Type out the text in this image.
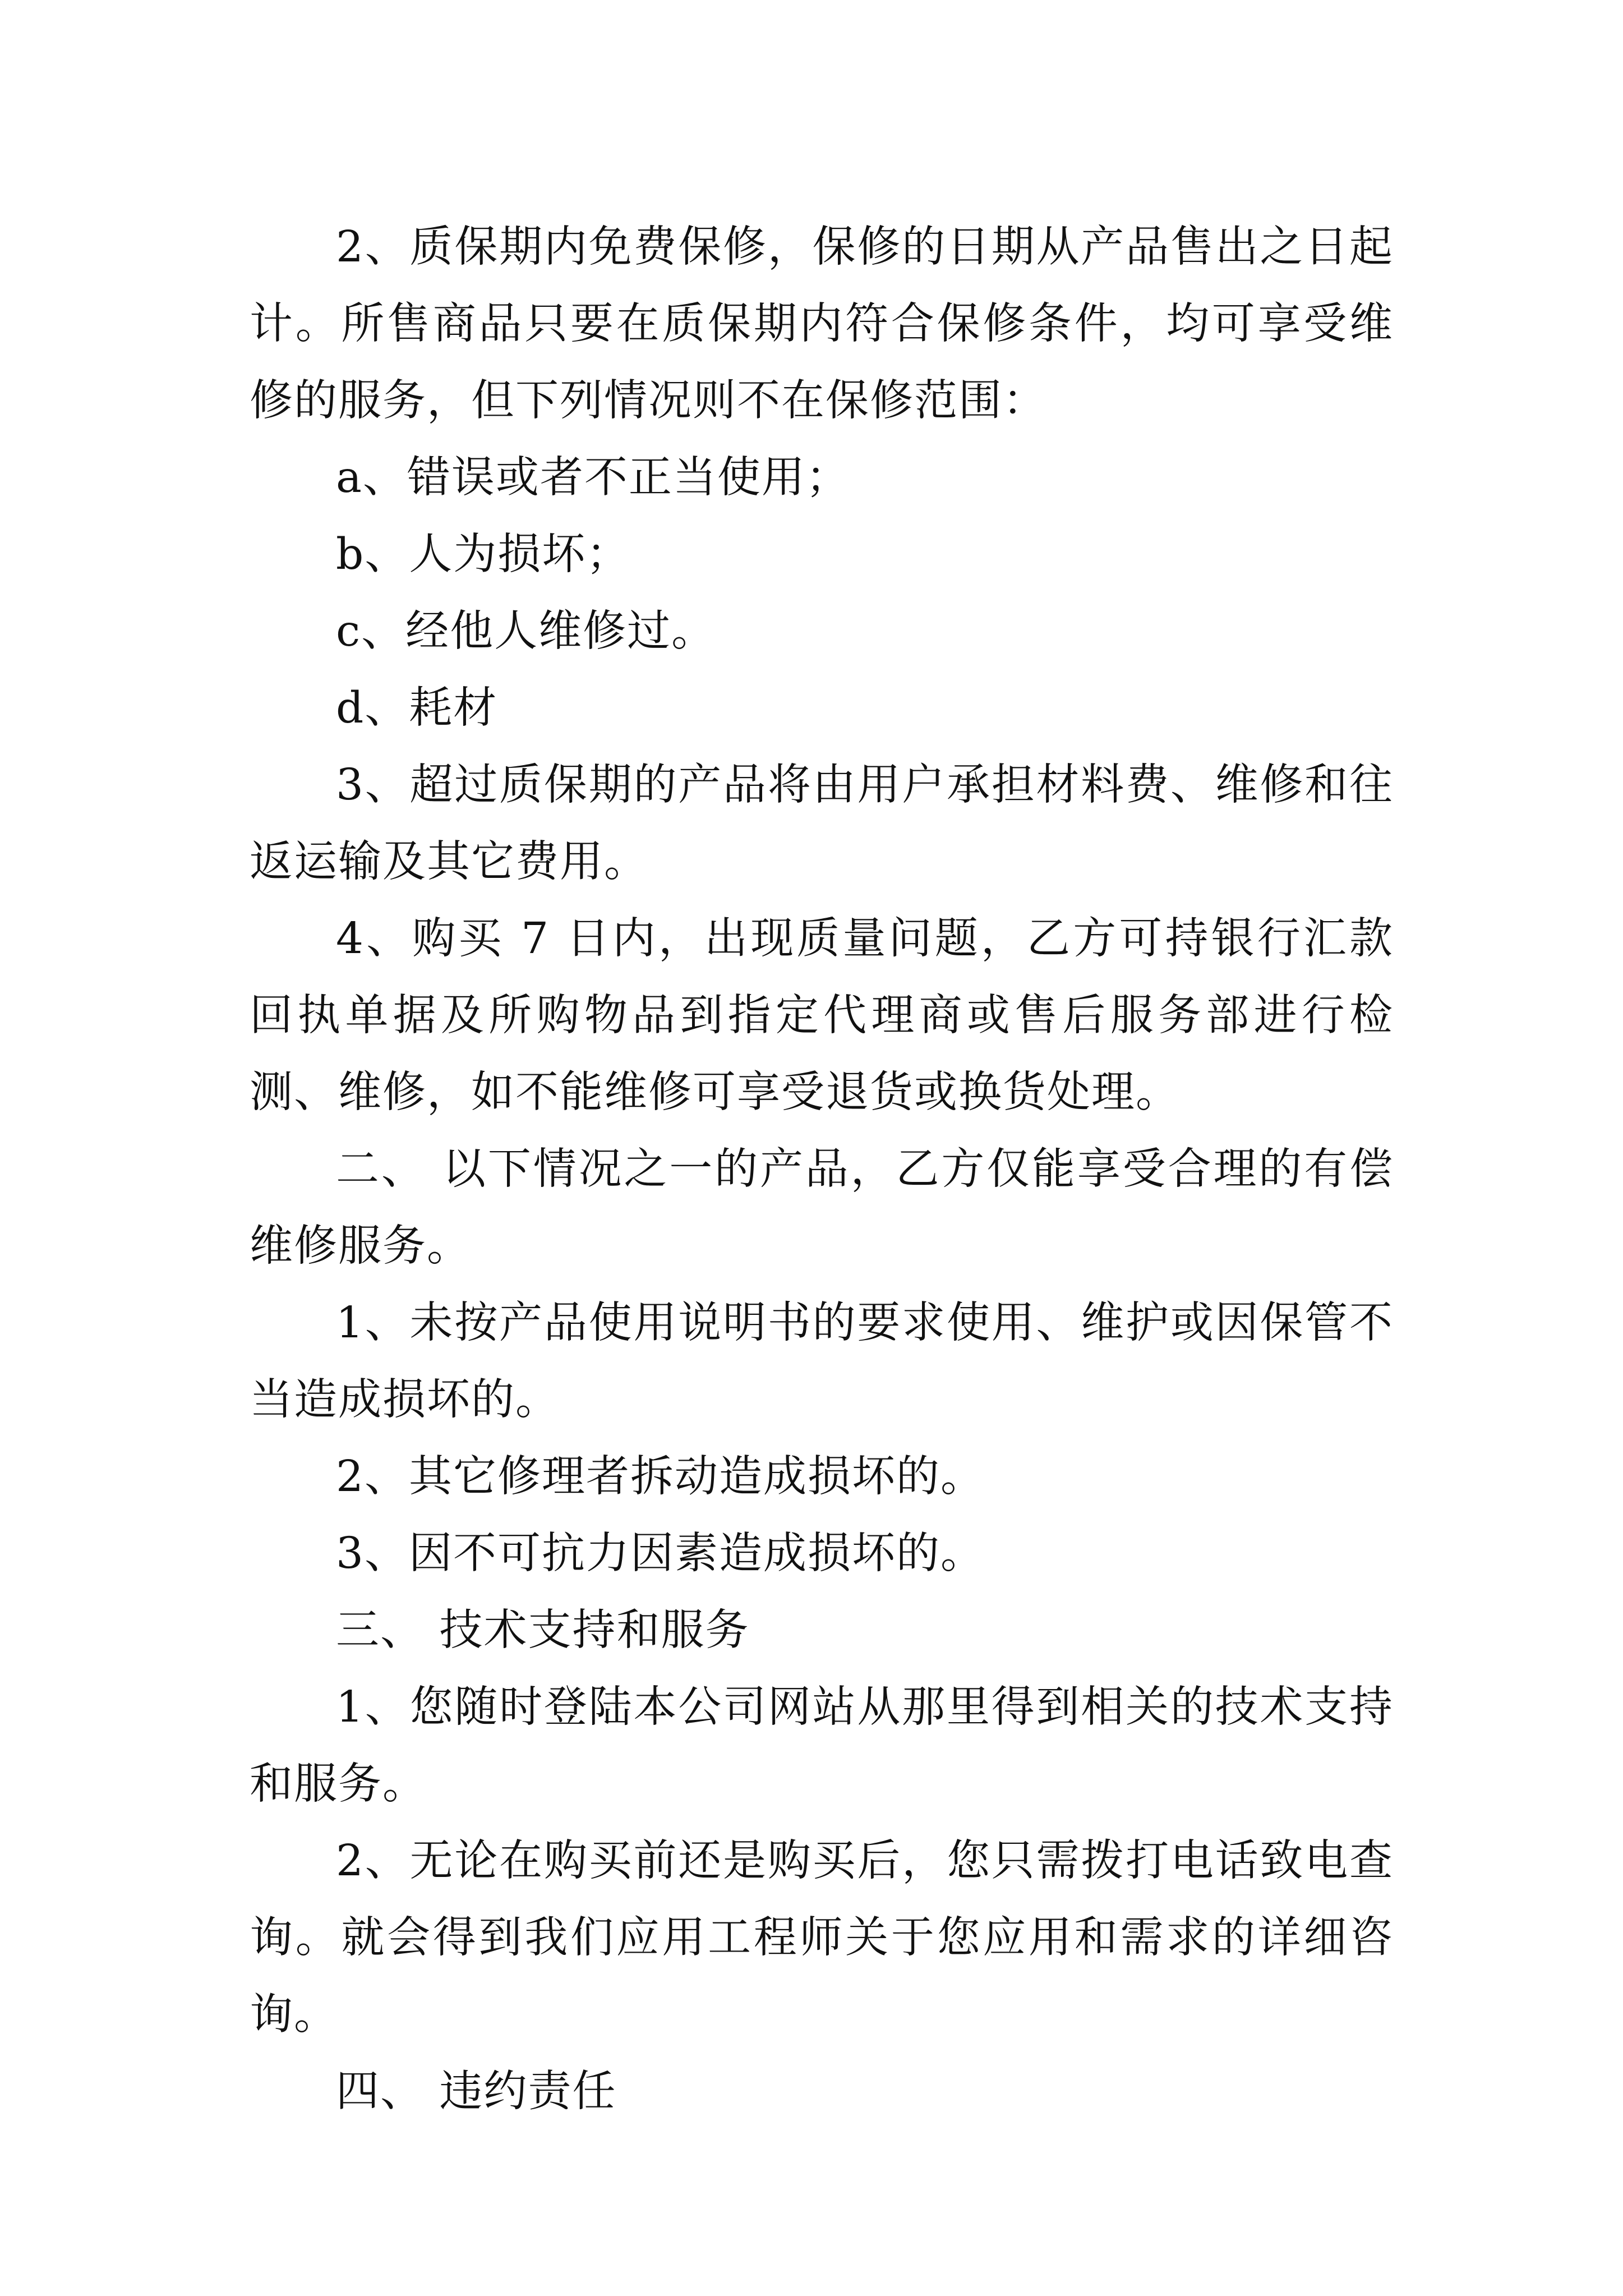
2、质保期内免费保修，保修的日期从产品售出之日起计。所售商品只要在质保期内符合保修条件，均可享受维修的服务，但下列情况则不在保修范围：

a、错误或者不正当使用；

b、人为损坏；

c、经他人维修过。

d、耗材

3、超过质保期的产品将由用户承担材料费、维修和往返运输及其它费用。

4、购买 7 日内，出现质量问题，乙方可持银行汇款回执单据及所购物品到指定代理商或售后服务部进行检测、维修，如不能维修可享受退货或换货处理。

二、 以下情况之一的产品，乙方仅能享受合理的有偿维修服务。

1、未按产品使用说明书的要求使用、维护或因保管不当造成损坏的。

2、其它修理者拆动造成损坏的。

3、因不可抗力因素造成损坏的。

三、 技术支持和服务

1、您随时登陆本公司网站从那里得到相关的技术支持和服务。

2、无论在购买前还是购买后，您只需拨打电话致电查询。就会得到我们应用工程师关于您应用和需求的详细咨询。

四、 违约责任
